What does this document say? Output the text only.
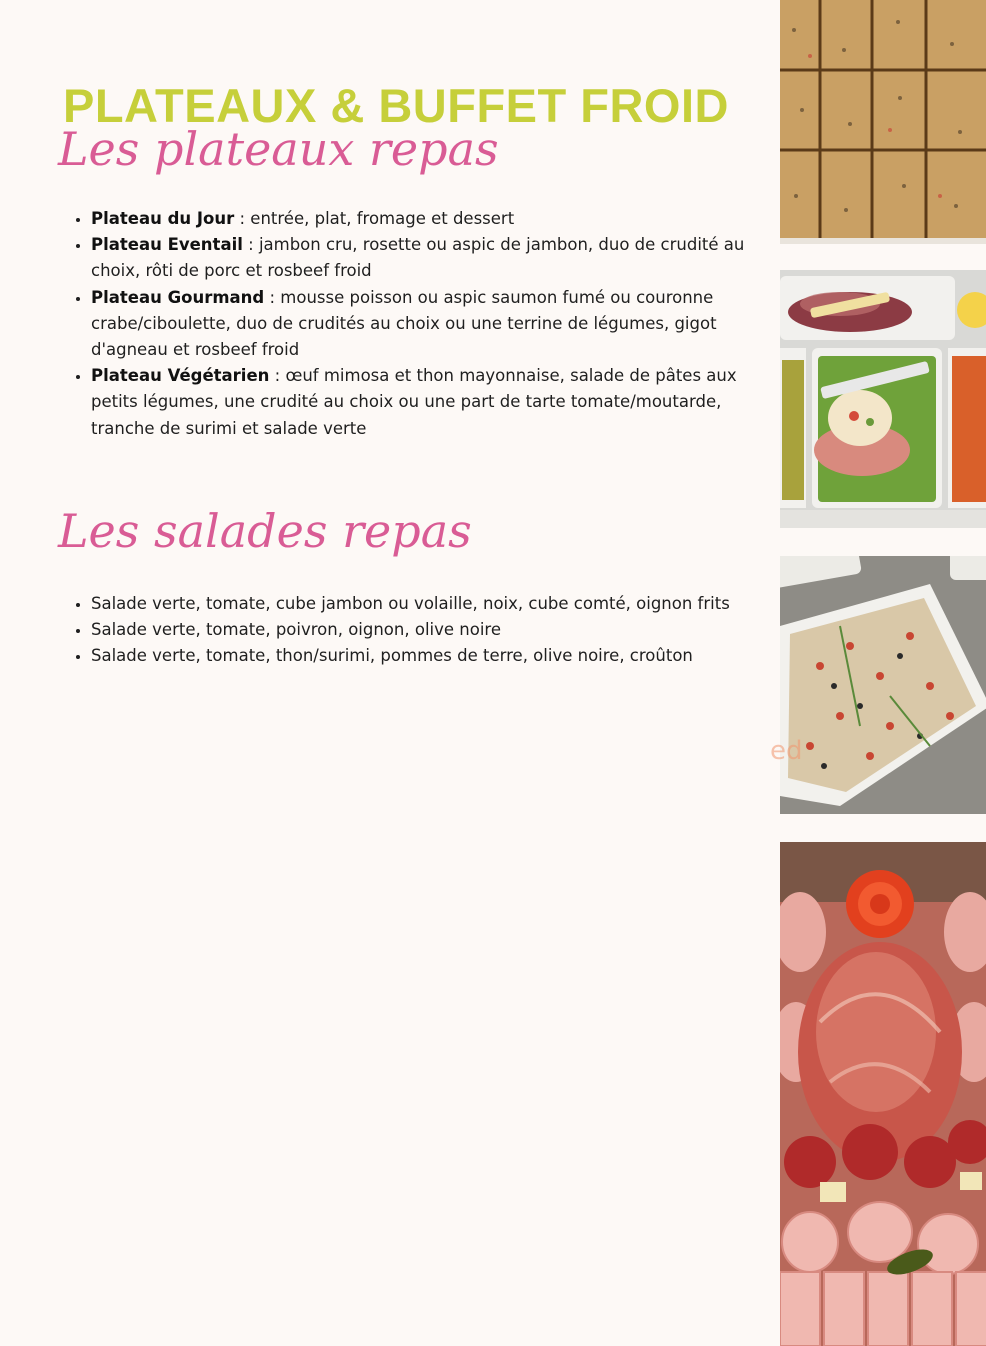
PLATEAUX & BUFFET FROID
Les plateaux repas
• Plateau du Jour : entrée, plat, fromage et dessert
• Plateau Eventail : jambon cru, rosette ou aspic de jambon, duo de crudité au choix, rôti de porc et rosbeef froid
• Plateau Gourmand : mousse poisson ou aspic saumon fumé ou couronne crabe/ciboulette, duo de crudités au choix ou une terrine de légumes, gigot d'agneau et rosbeef froid
• Plateau Végétarien : œuf mimosa et thon mayonnaise, salade de pâtes aux petits légumes, une crudité au choix ou une part de tarte tomate/moutarde, tranche de surimi et salade verte
Les salades repas
• Salade verte, tomate, cube jambon ou volaille, noix, cube comté, oignon frits
• Salade verte, tomate, poivron, oignon, olive noire
• Salade verte, tomate, thon/surimi, pommes de terre, olive noire, croûton
ed
